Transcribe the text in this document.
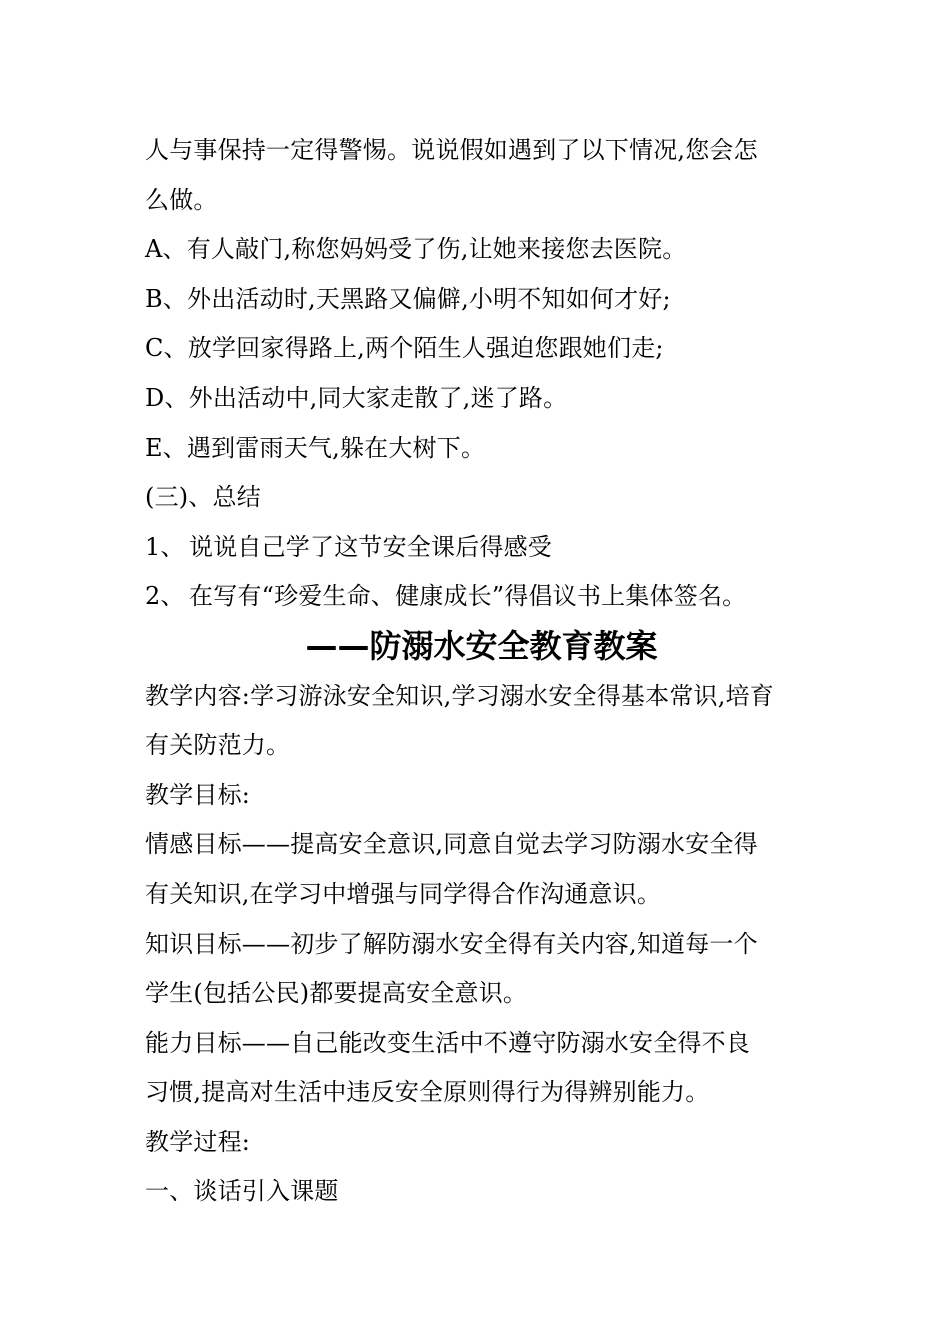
人与事保持一定得警惕。说说假如遇到了以下情况,您会怎
么做。
A、有人敲门,称您妈妈受了伤,让她来接您去医院。
B、外出活动时,天黑路又偏僻,小明不知如何才好;
C、放学回家得路上,两个陌生人强迫您跟她们走;
D、外出活动中,同大家走散了,迷了路。
E、遇到雷雨天气,躲在大树下。
(三)、总结
1、 说说自己学了这节安全课后得感受
2、 在写有“珍爱生命、健康成长”得倡议书上集体签名。
——防溺水安全教育教案
教学内容:学习游泳安全知识,学习溺水安全得基本常识,培育
有关防范力。
教学目标:
情感目标——提高安全意识,同意自觉去学习防溺水安全得
有关知识,在学习中增强与同学得合作沟通意识。
知识目标——初步了解防溺水安全得有关内容,知道每一个
学生(包括公民)都要提高安全意识。
能力目标——自己能改变生活中不遵守防溺水安全得不良
习惯,提高对生活中违反安全原则得行为得辨别能力。
教学过程:
一、谈话引入课题
